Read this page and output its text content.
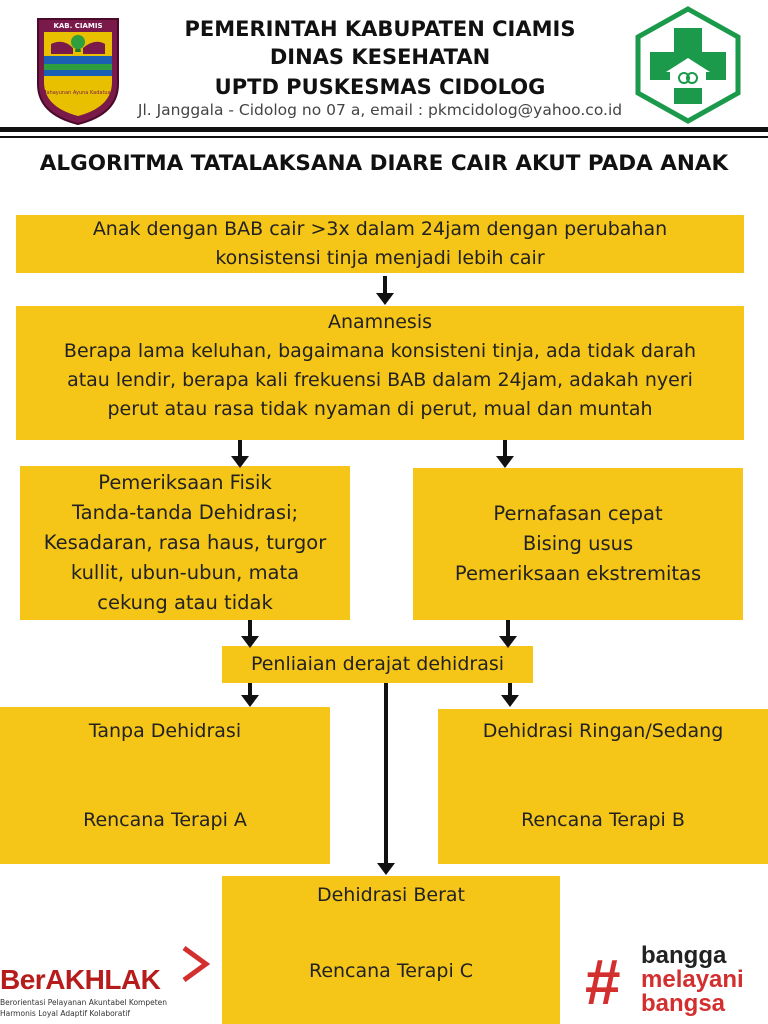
KAB. CIAMIS
Mahayunan Ayuna Kadatuan
PEMERINTAH KABUPATEN CIAMIS
DINAS KESEHATAN
UPTD PUSKESMAS CIDOLOG
Jl. Janggala - Cidolog no 07 a, email : pkmcidolog@yahoo.co.id
ALGORITMA TATALAKSANA DIARE CAIR AKUT PADA ANAK
Anak dengan BAB cair >3x dalam 24jam dengan perubahan
konsistensi tinja menjadi lebih cair
Anamnesis
Berapa lama keluhan, bagaimana konsisteni tinja, ada tidak darah
atau lendir, berapa kali frekuensi BAB dalam 24jam, adakah nyeri
perut atau rasa tidak nyaman di perut, mual dan muntah
Pemeriksaan Fisik
Tanda-tanda Dehidrasi;
Kesadaran, rasa haus, turgor
kullit, ubun-ubun, mata
cekung atau tidak
Pernafasan cepat
Bising usus
Pemeriksaan ekstremitas
Penliaian derajat dehidrasi
Tanpa Dehidrasi
Rencana Terapi A
Dehidrasi Ringan/Sedang
Rencana Terapi B
Dehidrasi Berat
Rencana Terapi C
BerAKHLAK
Berorientasi Pelayanan Akuntabel Kompeten
Harmonis Loyal Adaptif Kolaboratif	# bangga
melayani
bangsa
